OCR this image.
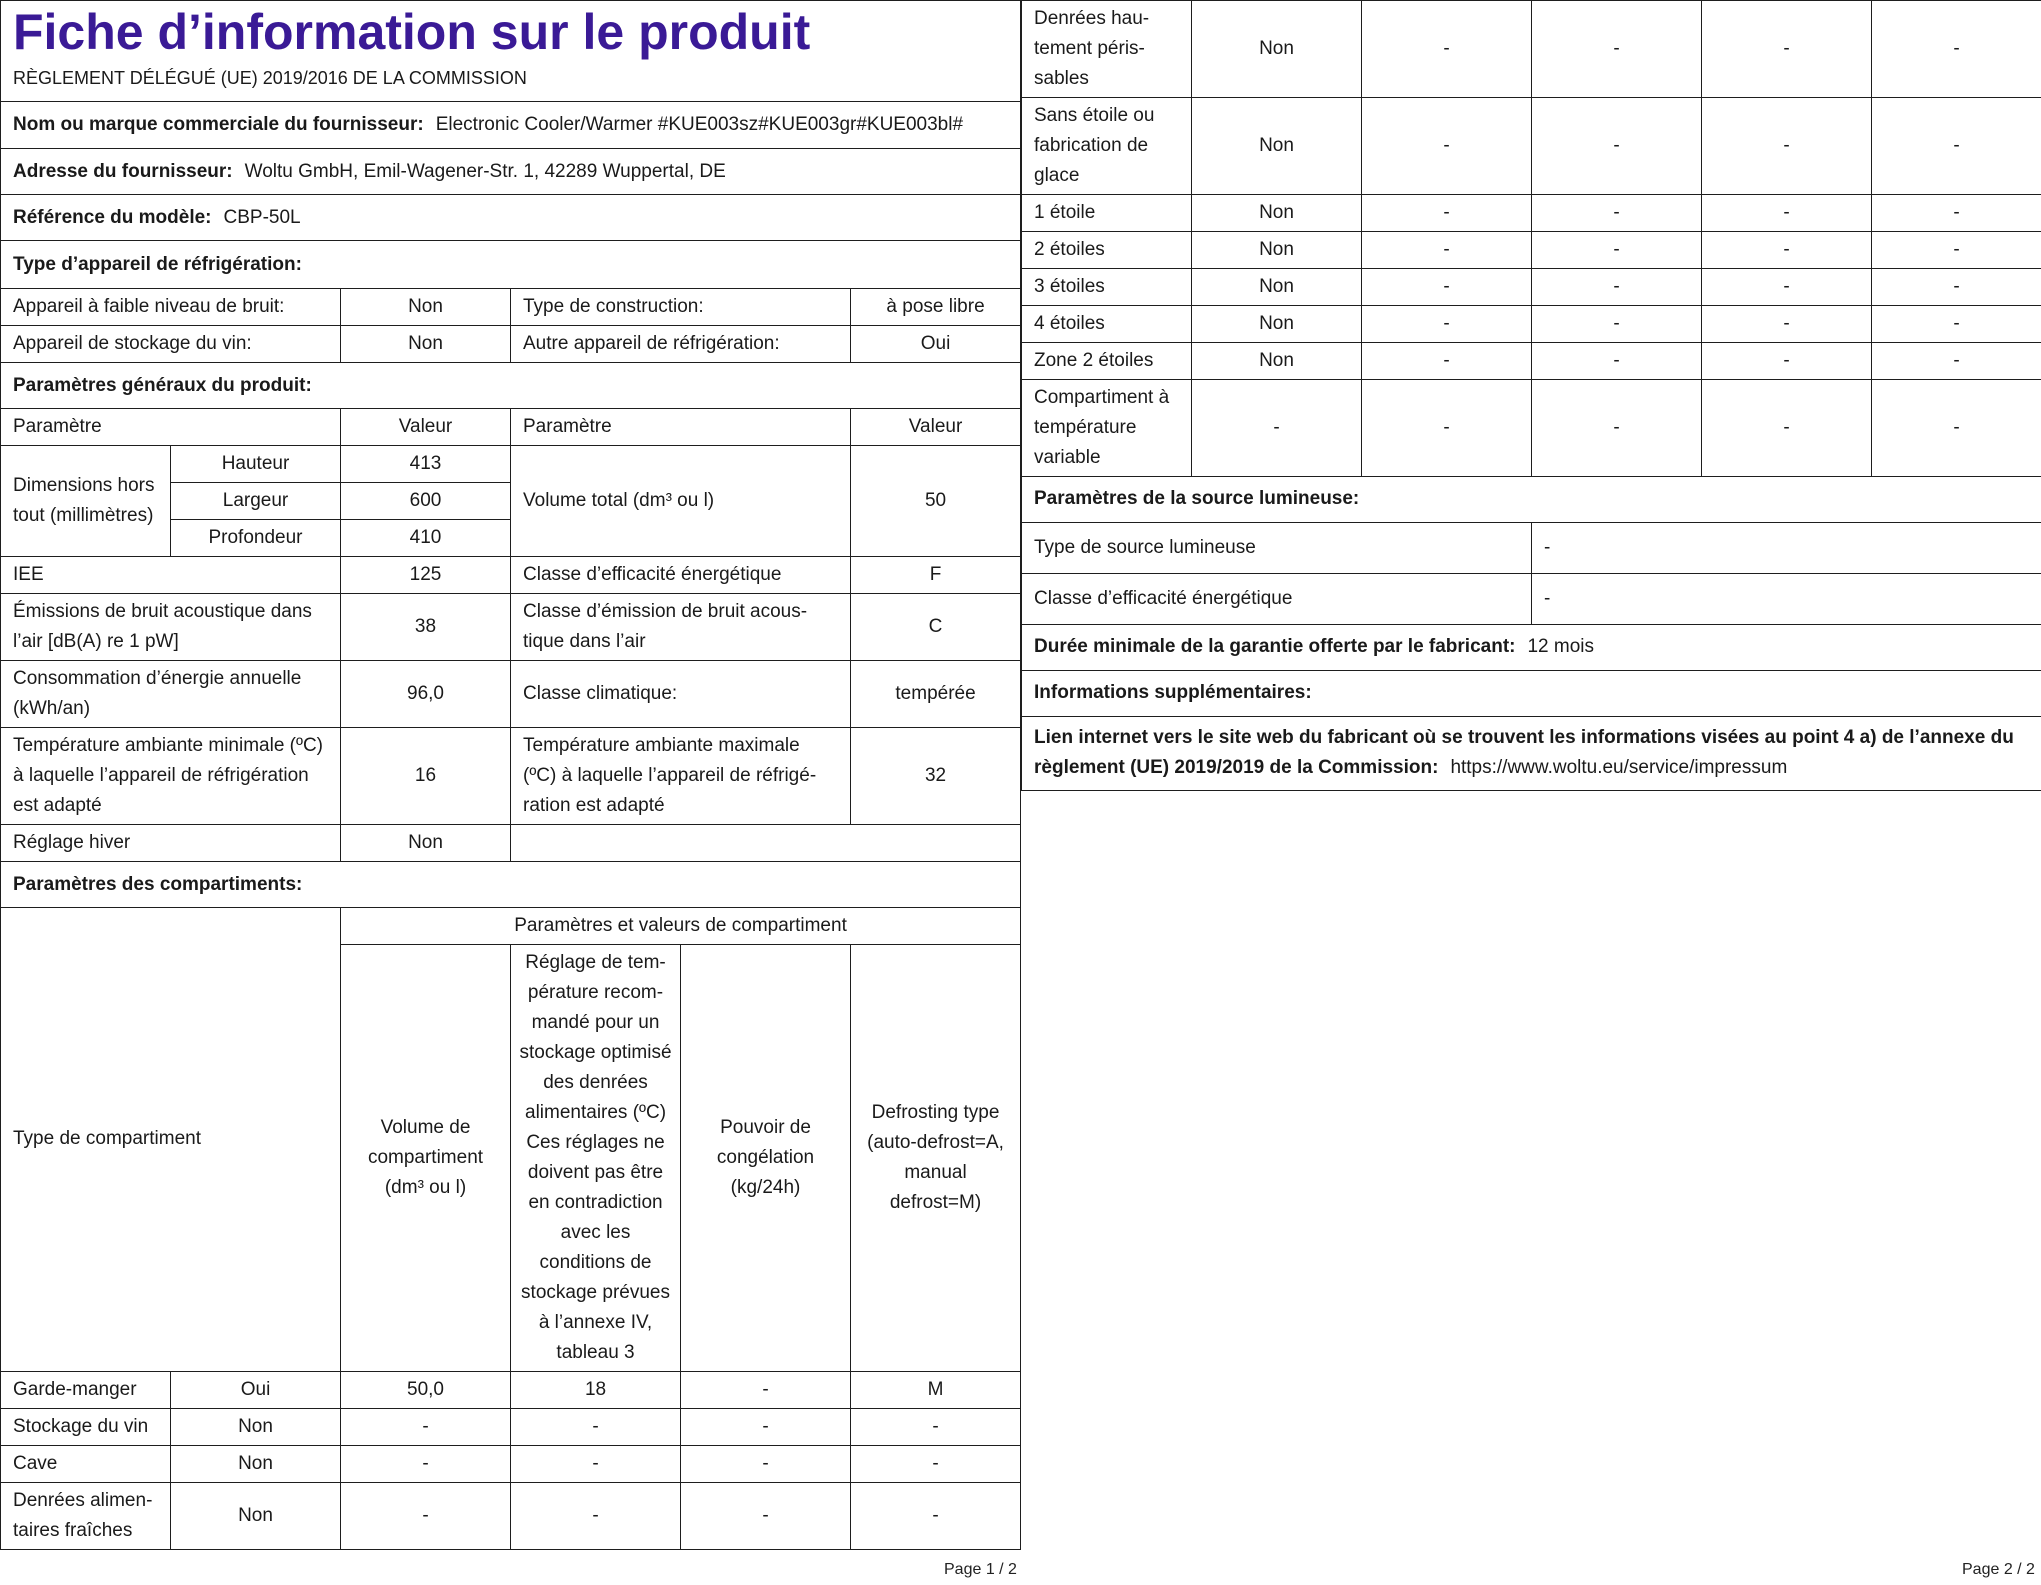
Fiche d’information sur le produit				
RÈGLEMENT DÉLÉGUÉ (UE) 2019/2016 DE LA COMMISSION				
Nom ou marque commerciale du fournisseur: Electronic Cooler/Warmer #KUE003sz#KUE003gr#KUE003bl#				
Adresse du fournisseur: Woltu GmbH, Emil-Wagener-Str. 1, 42289 Wuppertal, DE				
Référence du modèle: CBP-50L				
Type d’appareil de réfrigération:				
Appareil à faible niveau de bruit:		Non	Type de construction:	à pose libre
Appareil de stockage du vin:		Non	Autre appareil de réfrigération:	Oui
Paramètres généraux du produit:				
Paramètre		Valeur	Paramètre	Valeur
Dimensions hors tout (millimètres)	Hauteur	413	Volume total (dm³ ou l)	50
	Largeur	600		
	Profondeur	410		
IEE		125	Classe d’efficacité énergétique	F
Émissions de bruit acoustique dans l’air [dB(A) re 1 pW]		38	Classe d’émission de bruit acoustique dans l’air	C
Consommation d’énergie annuelle (kWh/an)		96,0	Classe climatique:	tempérée
Température ambiante minimale (ºC) à laquelle l’appareil de réfrigération est adapté		16	Température ambiante maximale (ºC) à laquelle l’appareil de réfrigération est adapté	32
Réglage hiver		Non		
Paramètres des compartiments:				
Type de compartiment		Paramètres et valeurs de compartiment			
		Volume de compartiment (dm³ ou l)	Réglage de température recommandé pour un stockage optimisé des denrées alimentaires (ºC) Ces réglages ne doivent pas être en contradiction avec les conditions de stockage prévues à l’annexe IV, tableau 3	Pouvoir de congélation (kg/24h)	Defrosting type (auto-defrost=A, manual defrost=M)
Garde-manger	Oui	50,0	18	-	M
Stockage du vin	Non	-	-	-	-
Cave	Non	-	-	-	-
Denrées alimentaires fraîches	Non	-	-	-	-
Page 1 / 2
Denrées hautement périssables	Non	-	-	-	-
Sans étoile ou fabrication de glace	Non	-	-	-	-
1 étoile	Non	-	-	-	-
2 étoiles	Non	-	-	-	-
3 étoiles	Non	-	-	-	-
4 étoiles	Non	-	-	-	-
Zone 2 étoiles	Non	-	-	-	-
Compartiment à température variable	-	-	-	-	-
Paramètres de la source lumineuse:	
Type de source lumineuse	-
Classe d’efficacité énergétique	-
Durée minimale de la garantie offerte par le fabricant: 12 mois	
Informations supplémentaires:	
Lien internet vers le site web du fabricant où se trouvent les informations visées au point 4 a) de l’annexe du règlement (UE) 2019/2019 de la Commission: https://www.woltu.eu/service/impressum	
Page 2 / 2
